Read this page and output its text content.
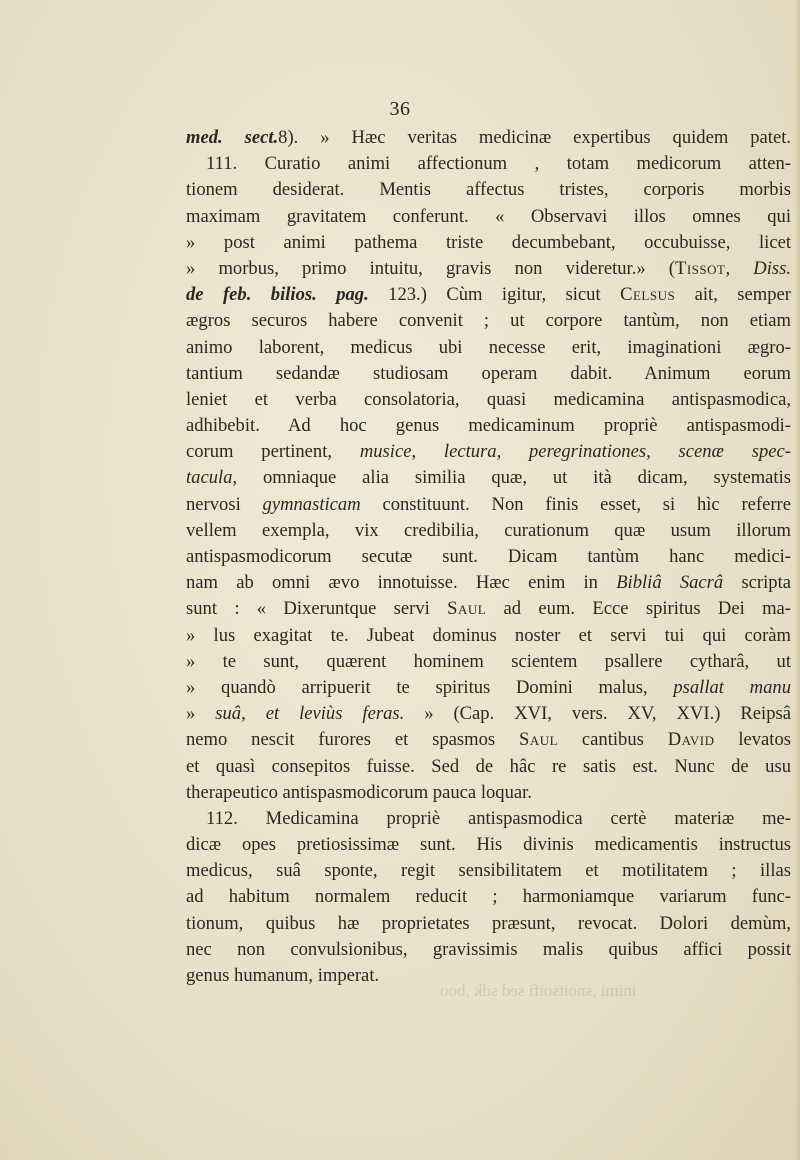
36
med. sect.8). » Hæc veritas medicinæ expertibus quidem patet.
111. Curatio animi affectionum , totam medicorum atten-
tionem desiderat. Mentis affectus tristes, corporis morbis
maximam gravitatem conferunt. « Observavi illos omnes qui
» post animi pathema triste decumbebant, occubuisse, licet
» morbus, primo intuitu, gravis non videretur.» (Tissot, Diss.
de feb. bilios. pag. 123.) Cùm igitur, sicut Celsus ait, semper
ægros securos habere convenit ; ut corpore tantùm, non etiam
animo laborent, medicus ubi necesse erit, imaginationi ægro-
tantium sedandæ studiosam operam dabit. Animum eorum
leniet et verba consolatoria, quasi medicamina antispasmodica,
adhibebit. Ad hoc genus medicaminum propriè antispasmodi-
corum pertinent, musice, lectura, peregrinationes, scenæ spec-
tacula, omniaque alia similia quæ, ut ità dicam, systematis
nervosi gymnasticam constituunt. Non finis esset, si hìc referre
vellem exempla, vix credibilia, curationum quæ usum illorum
antispasmodicorum secutæ sunt. Dicam tantùm hanc medici-
nam ab omni ævo innotuisse. Hæc enim in Bibliâ Sacrâ scripta
sunt : « Dixeruntque servi Saul ad eum. Ecce spiritus Dei ma-
» lus exagitat te. Jubeat dominus noster et servi tui qui coràm
» te sunt, quærent hominem scientem psallere cytharâ, ut
» quandò arripuerit te spiritus Domini malus, psallat manu
» suâ, et leviùs feras. » (Cap. XVI, vers. XV, XVI.) Reipsâ
nemo nescit furores et spasmos Saul cantibus David levatos
et quasì consepitos fuisse. Sed de hâc re satis est. Nunc de usu
therapeutico antispasmodicorum pauca loquar.
112. Medicamina propriè antispasmodica certè materiæ me-
dicæ opes pretiosissimæ sunt. His divinis medicamentis instructus
medicus, suâ sponte, regit sensibilitatem et motilitatem ; illas
ad habitum normalem reducit ; harmoniamque variarum func-
tionum, quibus hæ proprietates præsunt, revocat. Dolori demùm,
nec non convulsionibus, gravissimis malis quibus affici possit
genus humanum, imperat.
inimi ,snoitsoifi sed sdk ,boo
